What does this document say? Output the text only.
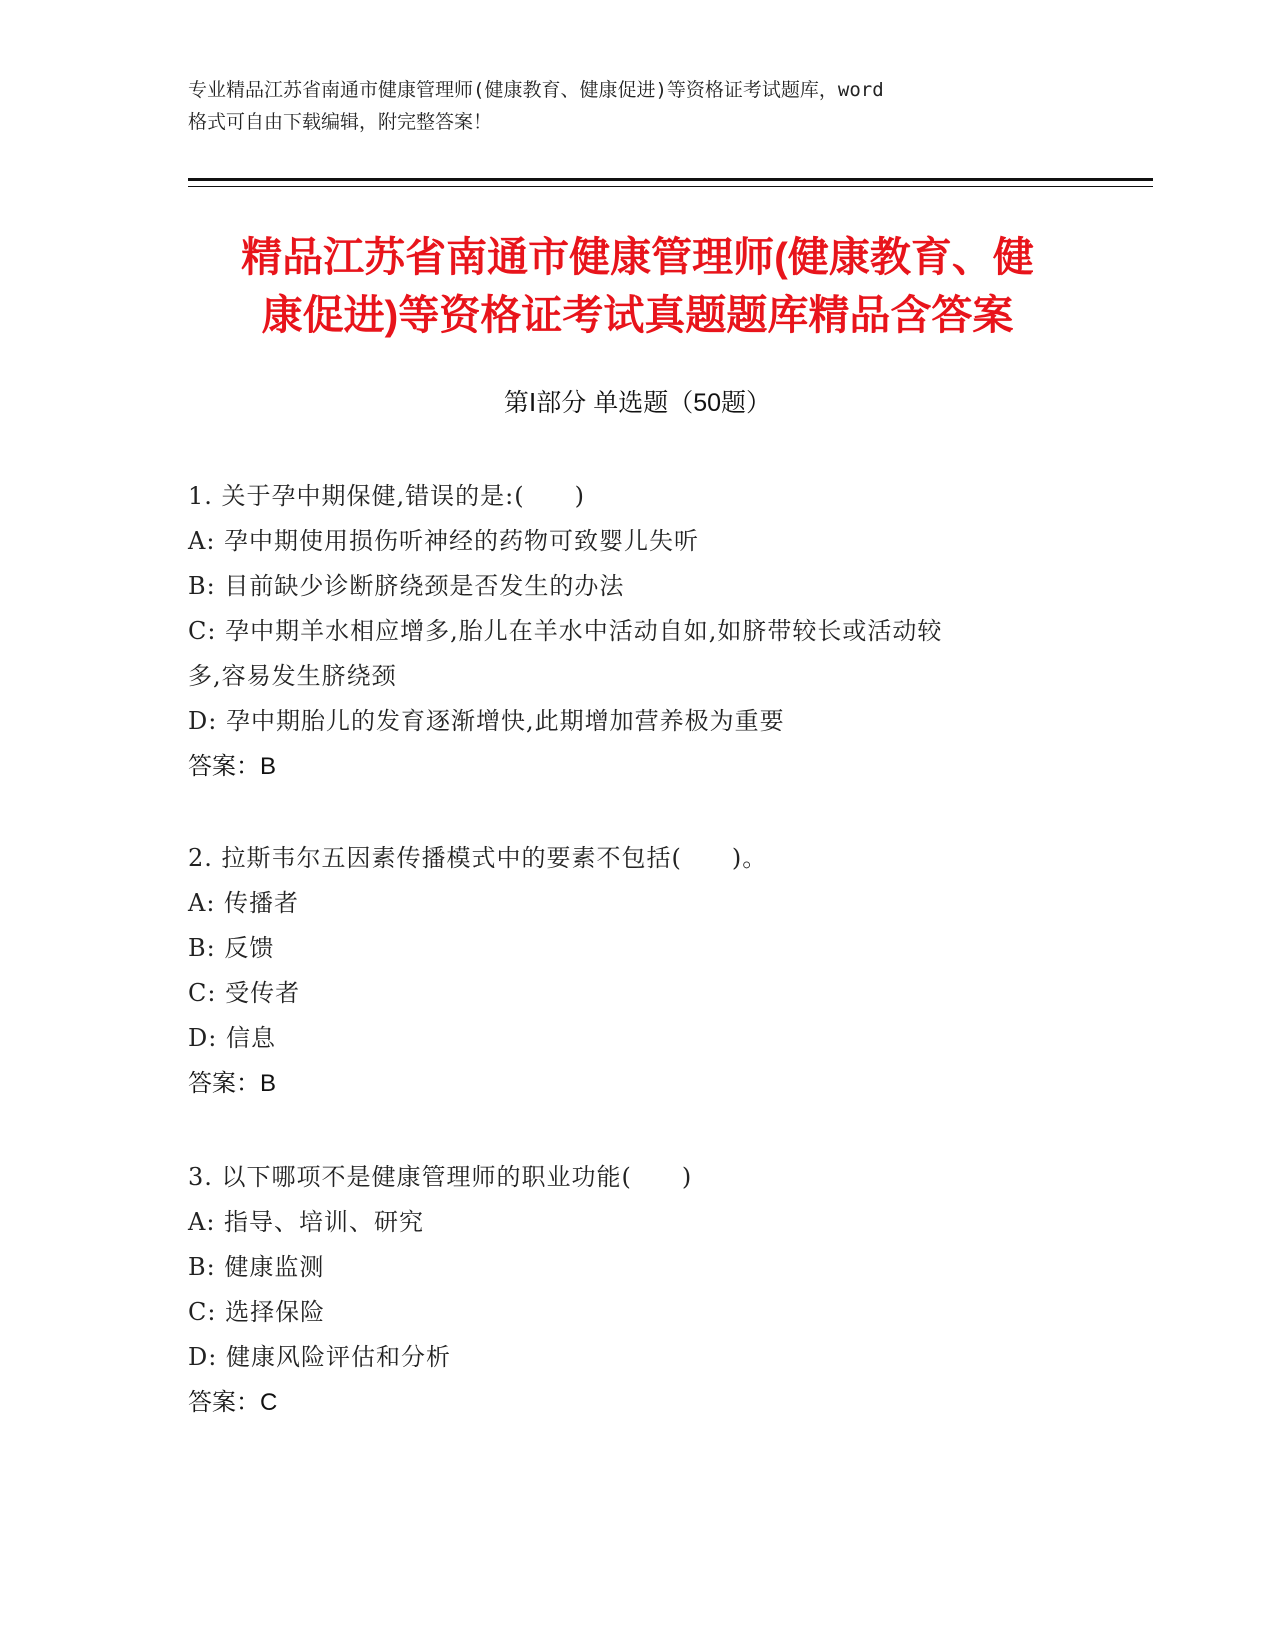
专业精品江苏省南通市健康管理师(健康教育、健康促进)等资格证考试题库，word
格式可自由下载编辑，附完整答案！
精品江苏省南通市健康管理师(健康教育、健
康促进)等资格证考试真题题库精品含答案
第Ⅰ部分 单选题（50题）
1. 关于孕中期保健,错误的是:(　　)
A: 孕中期使用损伤听神经的药物可致婴儿失听
B: 目前缺少诊断脐绕颈是否发生的办法
C: 孕中期羊水相应增多,胎儿在羊水中活动自如,如脐带较长或活动较
多,容易发生脐绕颈
D: 孕中期胎儿的发育逐渐增快,此期增加营养极为重要
答案：B
2. 拉斯韦尔五因素传播模式中的要素不包括(　　)。
A: 传播者
B: 反馈
C: 受传者
D: 信息
答案：B
3. 以下哪项不是健康管理师的职业功能(　　)
A: 指导、培训、研究
B: 健康监测
C: 选择保险
D: 健康风险评估和分析
答案：C
